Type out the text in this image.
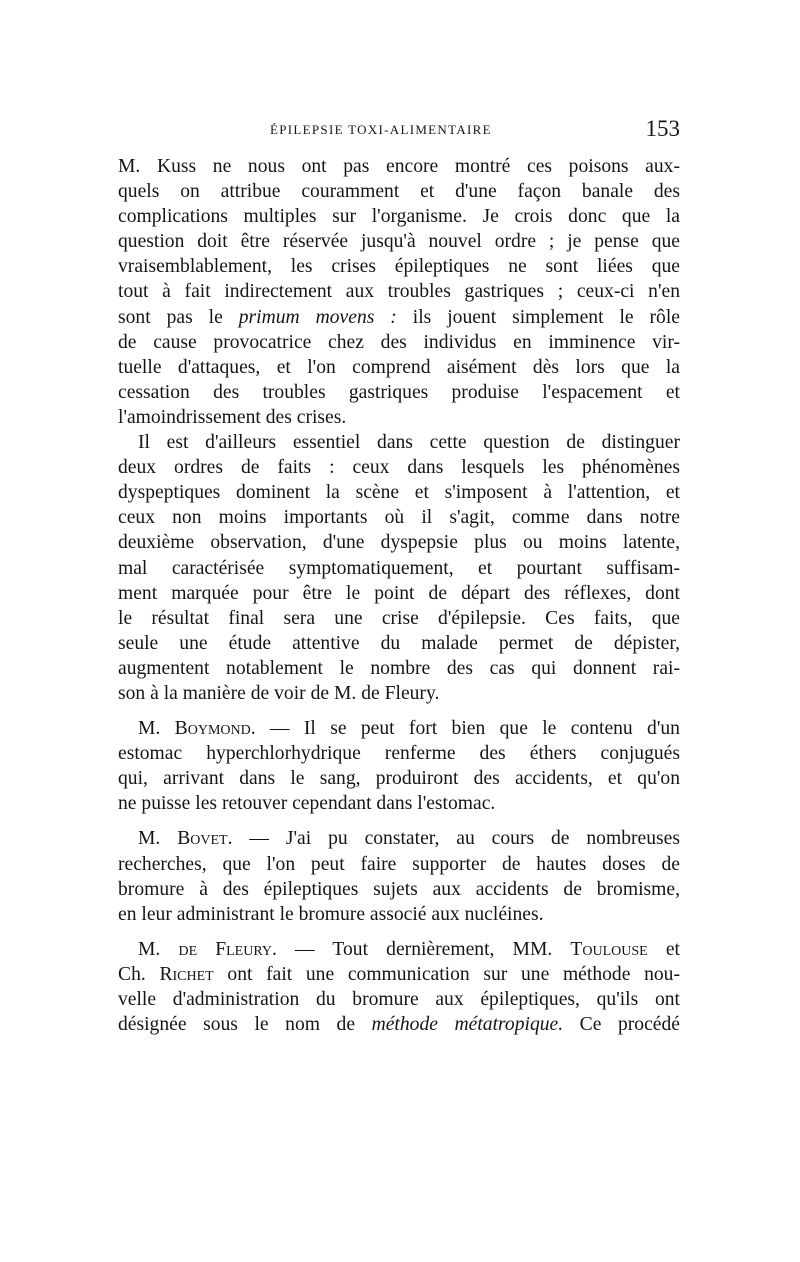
ÉPILEPSIE TOXI-ALIMENTAIRE	153
M. Kuss ne nous ont pas encore montré ces poisons aux-
quels on attribue couramment et d'une façon banale des
complications multiples sur l'organisme. Je crois donc que la
question doit être réservée jusqu'à nouvel ordre ; je pense que
vraisemblablement, les crises épileptiques ne sont liées que
tout à fait indirectement aux troubles gastriques ; ceux-ci n'en
sont pas le primum movens : ils jouent simplement le rôle
de cause provocatrice chez des individus en imminence vir-
tuelle d'attaques, et l'on comprend aisément dès lors que la
cessation des troubles gastriques produise l'espacement et
l'amoindrissement des crises.
Il est d'ailleurs essentiel dans cette question de distinguer
deux ordres de faits : ceux dans lesquels les phénomènes
dyspeptiques dominent la scène et s'imposent à l'attention, et
ceux non moins importants où il s'agit, comme dans notre
deuxième observation, d'une dyspepsie plus ou moins latente,
mal caractérisée symptomatiquement, et pourtant suffisam-
ment marquée pour être le point de départ des réflexes, dont
le résultat final sera une crise d'épilepsie. Ces faits, que
seule une étude attentive du malade permet de dépister,
augmentent notablement le nombre des cas qui donnent rai-
son à la manière de voir de M. de Fleury.
M. Boymond. — Il se peut fort bien que le contenu d'un
estomac hyperchlorhydrique renferme des éthers conjugués
qui, arrivant dans le sang, produiront des accidents, et qu'on
ne puisse les retouver cependant dans l'estomac.
M. Bovet. — J'ai pu constater, au cours de nombreuses
recherches, que l'on peut faire supporter de hautes doses de
bromure à des épileptiques sujets aux accidents de bromisme,
en leur administrant le bromure associé aux nucléines.
M. de Fleury. — Tout dernièrement, MM. Toulouse et
Ch. Richet ont fait une communication sur une méthode nou-
velle d'administration du bromure aux épileptiques, qu'ils ont
désignée sous le nom de méthode métatropique. Ce procédé
